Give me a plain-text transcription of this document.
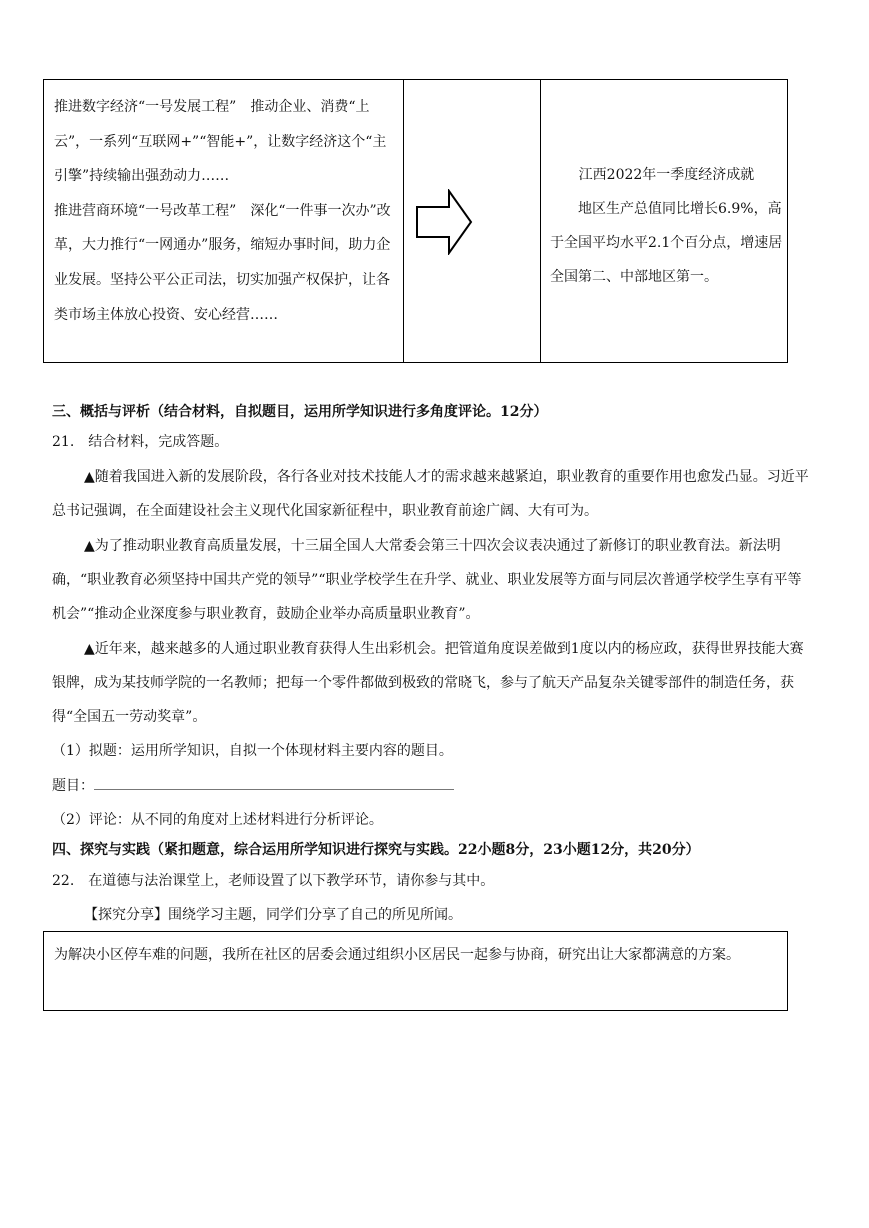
推进数字经济“一号发展工程”　推动企业、消费“上云”，一系列“互联网+”“智能+”，让数字经济这个“主引擎”持续输出强劲动力……

推进营商环境“一号改革工程”　深化“一件事一次办”改革，大力推行“一网通办”服务，缩短办事时间，助力企业发展。坚持公平公正司法，切实加强产权保护，让各类市场主体放心投资、安心经营……

江西2022年一季度经济成就

地区生产总值同比增长6.9%，高于全国平均水平2.1个百分点，增速居全国第二、中部地区第一。

三、概括与评析（结合材料，自拟题目，运用所学知识进行多角度评论。12分）

21.　结合材料，完成答题。

▲随着我国进入新的发展阶段，各行各业对技术技能人才的需求越来越紧迫，职业教育的重要作用也愈发凸显。习近平总书记强调，在全面建设社会主义现代化国家新征程中，职业教育前途广阔、大有可为。

▲为了推动职业教育高质量发展，十三届全国人大常委会第三十四次会议表决通过了新修订的职业教育法。新法明确，“职业教育必须坚持中国共产党的领导”“职业学校学生在升学、就业、职业发展等方面与同层次普通学校学生享有平等机会”“推动企业深度参与职业教育，鼓励企业举办高质量职业教育”。

▲近年来，越来越多的人通过职业教育获得人生出彩机会。把管道角度误差做到1度以内的杨应政，获得世界技能大赛银牌，成为某技师学院的一名教师；把每一个零件都做到极致的常晓飞，参与了航天产品复杂关键零部件的制造任务，获得“全国五一劳动奖章”。

（1）拟题：运用所学知识，自拟一个体现材料主要内容的题目。

题目：

（2）评论：从不同的角度对上述材料进行分析评论。

四、探究与实践（紧扣题意，综合运用所学知识进行探究与实践。22小题8分，23小题12分，共20分）

22.　在道德与法治课堂上，老师设置了以下教学环节，请你参与其中。

【探究分享】围绕学习主题，同学们分享了自己的所见所闻。

为解决小区停车难的问题，我所在社区的居委会通过组织小区居民一起参与协商，研究出让大家都满意的方案。
